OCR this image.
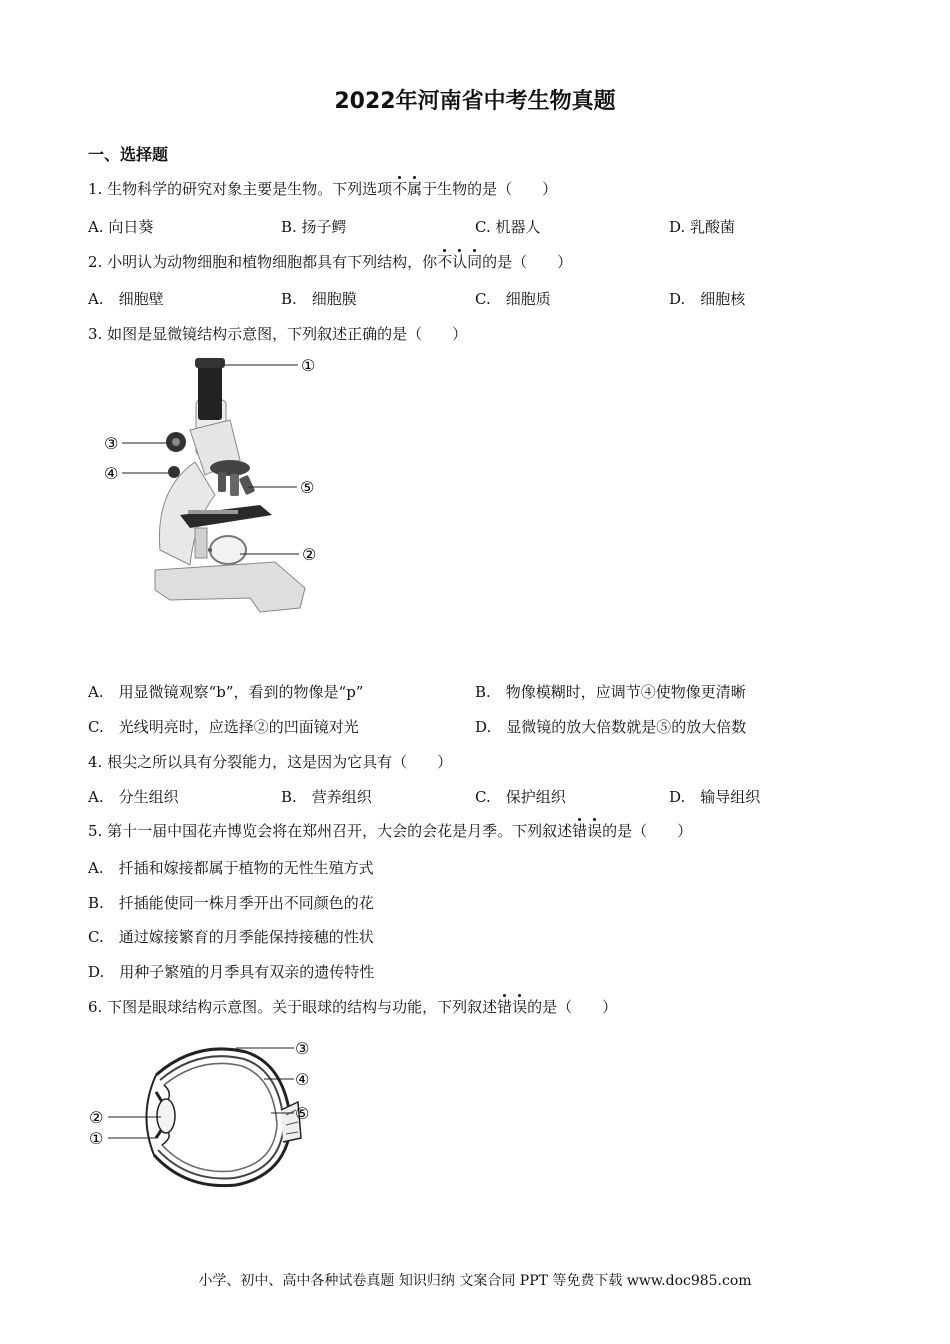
2022年河南省中考生物真题
一、选择题
1. 生物科学的研究对象主要是生物。下列选项不属于生物的是（　　）
A. 向日葵	B. 扬子鳄	C. 机器人	D. 乳酸菌
2. 小明认为动物细胞和植物细胞都具有下列结构，你不认同的是（　　）
A.　细胞壁	B.　细胞膜	C.　细胞质	D.　细胞核
3. 如图是显微镜结构示意图，下列叙述正确的是（　　）
①
②
③
④
⑤
A.　用显微镜观察“b”，看到的物像是“p”	B.　物像模糊时，应调节④使物像更清晰
C.　光线明亮时，应选择②的凹面镜对光	D.　显微镜的放大倍数就是⑤的放大倍数
4. 根尖之所以具有分裂能力，这是因为它具有（　　）
A.　分生组织	B.　营养组织	C.　保护组织	D.　输导组织
5. 第十一届中国花卉博览会将在郑州召开，大会的会花是月季。下列叙述错误的是（　　）
A.　扦插和嫁接都属于植物的无性生殖方式
B.　扦插能使同一株月季开出不同颜色的花
C.　通过嫁接繁育的月季能保持接穗的性状
D.　用种子繁殖的月季具有双亲的遗传特性
6. 下图是眼球结构示意图。关于眼球的结构与功能，下列叙述错误的是（　　）
③
④
⑤
②
①
小学、初中、高中各种试卷真题 知识归纳 文案合同 PPT 等免费下载 www.doc985.com
